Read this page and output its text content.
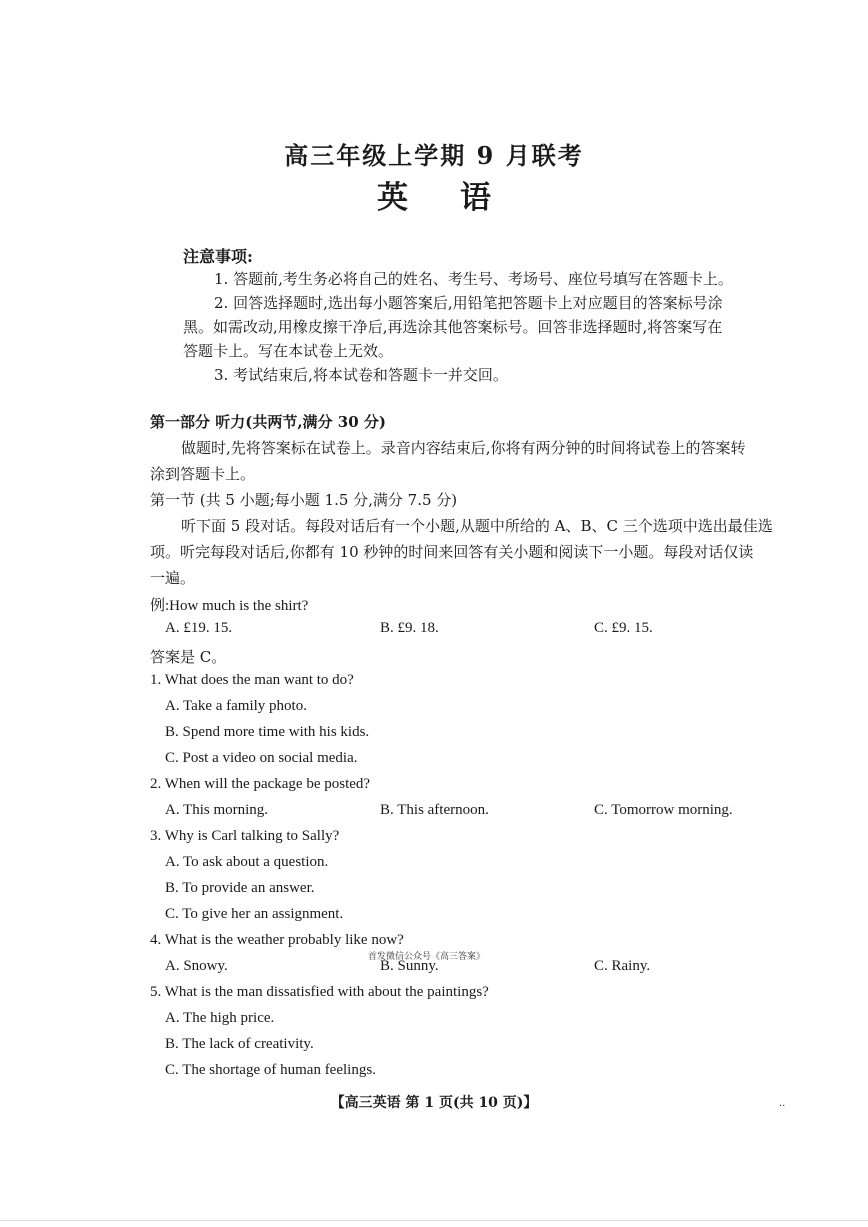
高三年级上学期 9 月联考
英语
注意事项:
1. 答题前,考生务必将自己的姓名、考生号、考场号、座位号填写在答题卡上。
2. 回答选择题时,选出每小题答案后,用铅笔把答题卡上对应题目的答案标号涂
黑。如需改动,用橡皮擦干净后,再选涂其他答案标号。回答非选择题时,将答案写在
答题卡上。写在本试卷上无效。
3. 考试结束后,将本试卷和答题卡一并交回。
第一部分 听力(共两节,满分 30 分)
做题时,先将答案标在试卷上。录音内容结束后,你将有两分钟的时间将试卷上的答案转
涂到答题卡上。
第一节 (共 5 小题;每小题 1.5 分,满分 7.5 分)
听下面 5 段对话。每段对话后有一个小题,从题中所给的 A、B、C 三个选项中选出最佳选
项。听完每段对话后,你都有 10 秒钟的时间来回答有关小题和阅读下一小题。每段对话仅读
一遍。
例:How much is the shirt?
A. £19. 15.	B. £9. 18.	C. £9. 15.
答案是 C。
1. What does the man want to do?
A. Take a family photo.
B. Spend more time with his kids.
C. Post a video on social media.
2. When will the package be posted?
A. This morning.	B. This afternoon.	C. Tomorrow morning.
3. Why is Carl talking to Sally?
A. To ask about a question.
B. To provide an answer.
C. To give her an assignment.
4. What is the weather probably like now?
首发微信公众号《高三答案》
A. Snowy.	B. Sunny.	C. Rainy.
5. What is the man dissatisfied with about the paintings?
A. The high price.
B. The lack of creativity.
C. The shortage of human feelings.
【高三英语 第 1 页(共 10 页)】	..
